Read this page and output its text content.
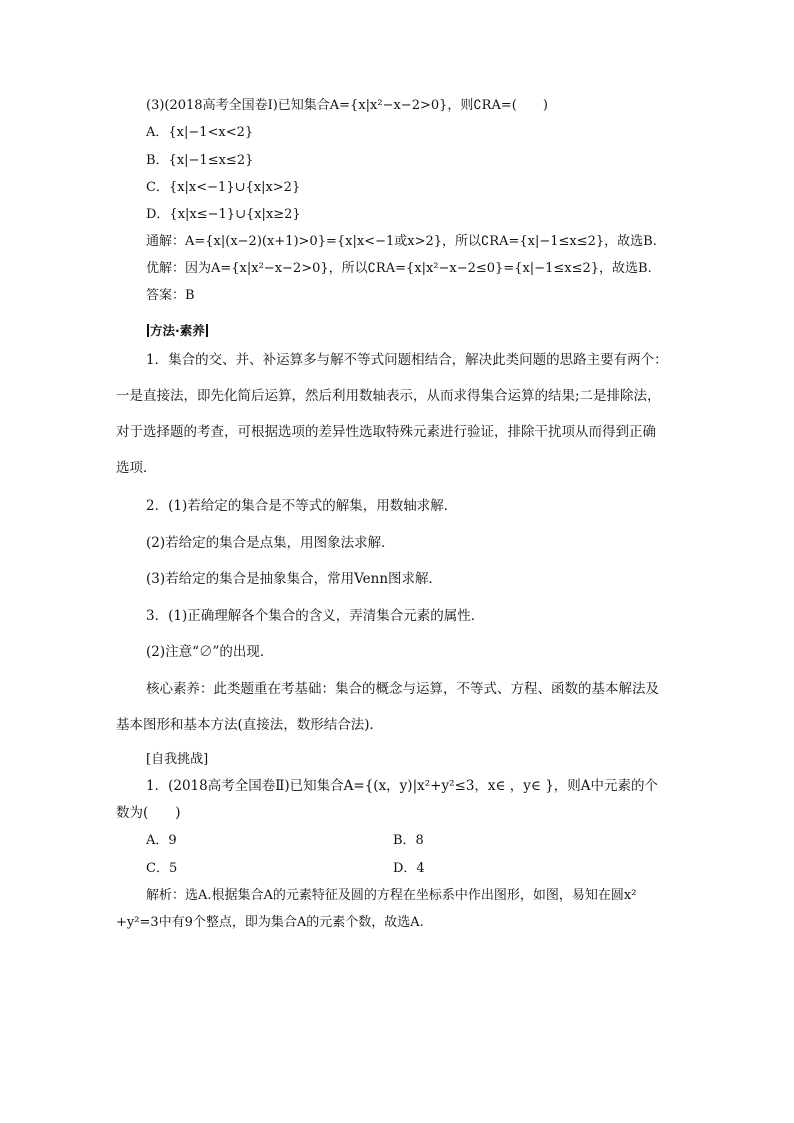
(3)(2018高考全国卷Ⅰ)已知集合A={x|x²−x−2>0}，则∁RA=(　　)
A．{x|−1<x<2}
B．{x|−1≤x≤2}
C．{x|x<−1}∪{x|x>2}
D．{x|x≤−1}∪{x|x≥2}
通解：A={x|(x−2)(x+1)>0}={x|x<−1或x>2}，所以∁RA={x|−1≤x≤2}，故选B.
优解：因为A={x|x²−x−2>0}，所以∁RA={x|x²−x−2≤0}={x|−1≤x≤2}，故选B.
答案：B
方法·素养
1．集合的交、并、补运算多与解不等式问题相结合，解决此类问题的思路主要有两个：
一是直接法，即先化简后运算，然后利用数轴表示，从而求得集合运算的结果;二是排除法，
对于选择题的考查，可根据选项的差异性选取特殊元素进行验证，排除干扰项从而得到正确
选项．
2．(1)若给定的集合是不等式的解集，用数轴求解．
(2)若给定的集合是点集，用图象法求解．
(3)若给定的集合是抽象集合，常用Venn图求解．
3．(1)正确理解各个集合的含义，弄清集合元素的属性．
(2)注意“∅”的出现．
核心素养：此类题重在考基础：集合的概念与运算，不等式、方程、函数的基本解法及
基本图形和基本方法(直接法，数形结合法)．
[自我挑战]
1．(2018高考全国卷Ⅱ)已知集合A={(x，y)|x²+y²≤3，x∈ ，y∈ }，则A中元素的个
数为(　　)
A．9	B．8
C．5	D．4
解析：选A.根据集合A的元素特征及圆的方程在坐标系中作出图形，如图，易知在圆x²
+y²=3中有9个整点，即为集合A的元素个数，故选A.
